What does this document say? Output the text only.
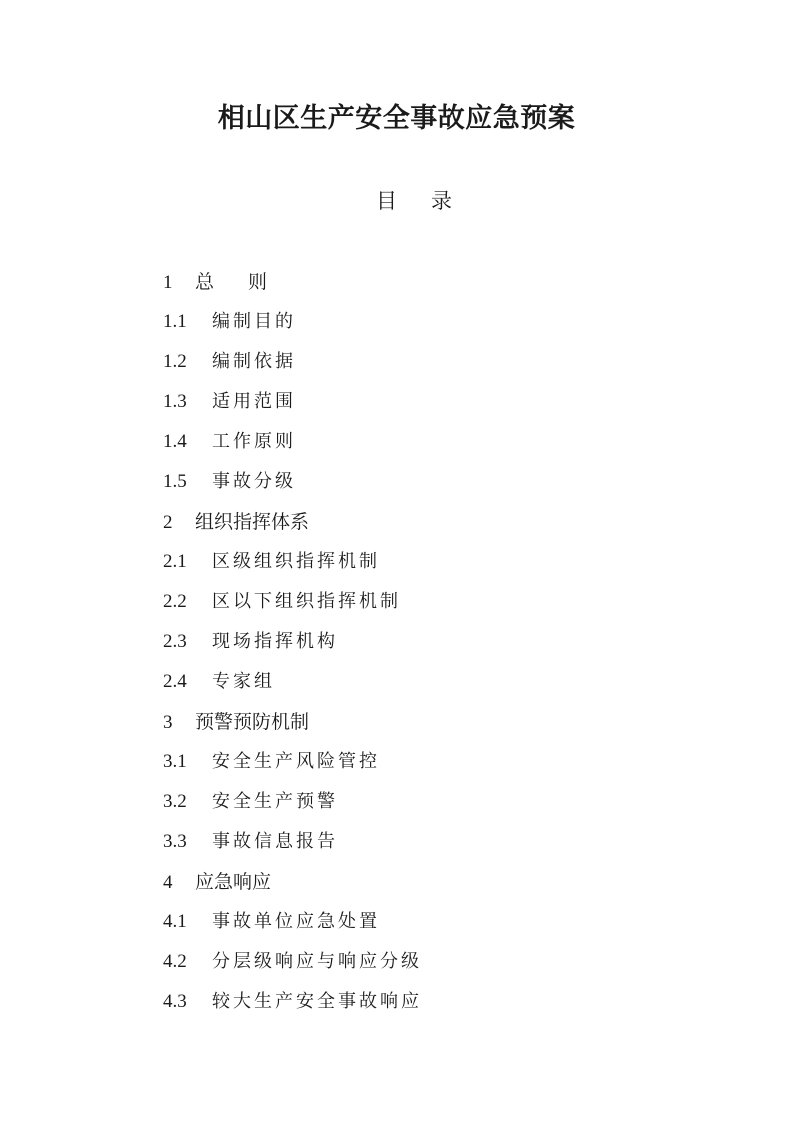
相山区生产安全事故应急预案
目 录
1 总则
1.1 编制目的
1.2 编制依据
1.3 适用范围
1.4 工作原则
1.5 事故分级
2 组织指挥体系
2.1 区级组织指挥机制
2.2 区以下组织指挥机制
2.3 现场指挥机构
2.4 专家组
3 预警预防机制
3.1 安全生产风险管控
3.2 安全生产预警
3.3 事故信息报告
4 应急响应
4.1 事故单位应急处置
4.2 分层级响应与响应分级
4.3 较大生产安全事故响应
